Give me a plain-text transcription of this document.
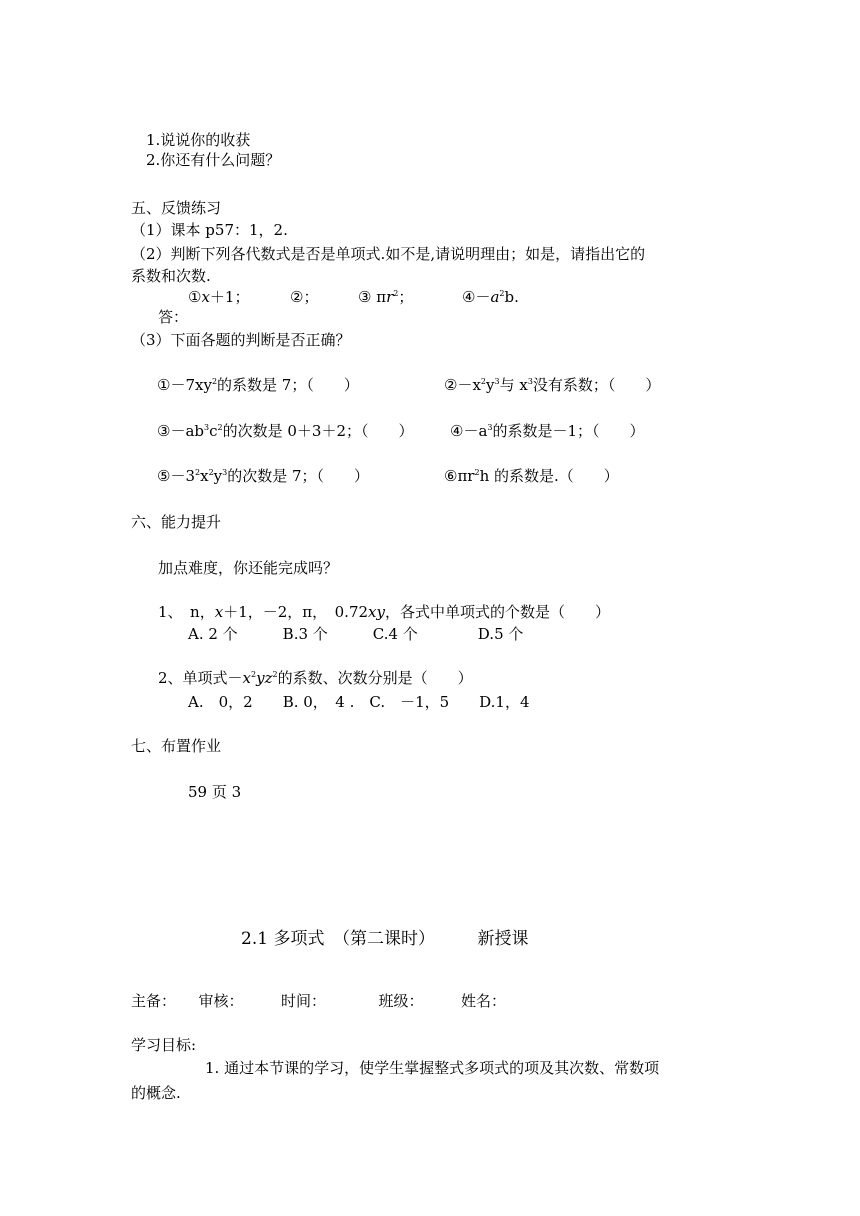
1.说说你的收获
2.你还有什么问题？
五、反馈练习
（1）课本 p57：1，2.
（2）判断下列各代数式是否是单项式.如不是,请说明理由；如是，请指出它的
系数和次数.
①x＋1；	②；	③ $\pi r^2$；	$④-a^2b$.
答：
（3）下面各题的判断是否正确？
$①-7xy^2$的系数是 7；（　　）	$②-x^2y^3$与 $x^3$没有系数；（　　）
$③-ab^3c^2$的次数是 0＋3＋2；（　　） $④-a^3$的系数是－1；（　　）
$⑤-3^2x^2y^3$的次数是 7；（　　）	$⑥\pi r^2h$ 的系数是.（　　）
六、能力提升
加点难度，你还能完成吗？
1、　n，x＋1，－2，π，　0.72xy，各式中单项式的个数是（　　）
A. 2 个　　　B.3 个　　　C.4 个　　　　D.5 个
2、单项式$-x^2yz^2$的系数、次数分别是（　　）
A.　0，2　　B. 0，　4 .　C.　－1，5　　D.1，4
七、布置作业
59 页 3
2.1 多项式　（第二课时）　　　新授课
主备：　　审核：　　　时间：　　　　班级：　　　姓名：
学习目标:
1. 通过本节课的学习，使学生掌握整式多项式的项及其次数、常数项
的概念.
